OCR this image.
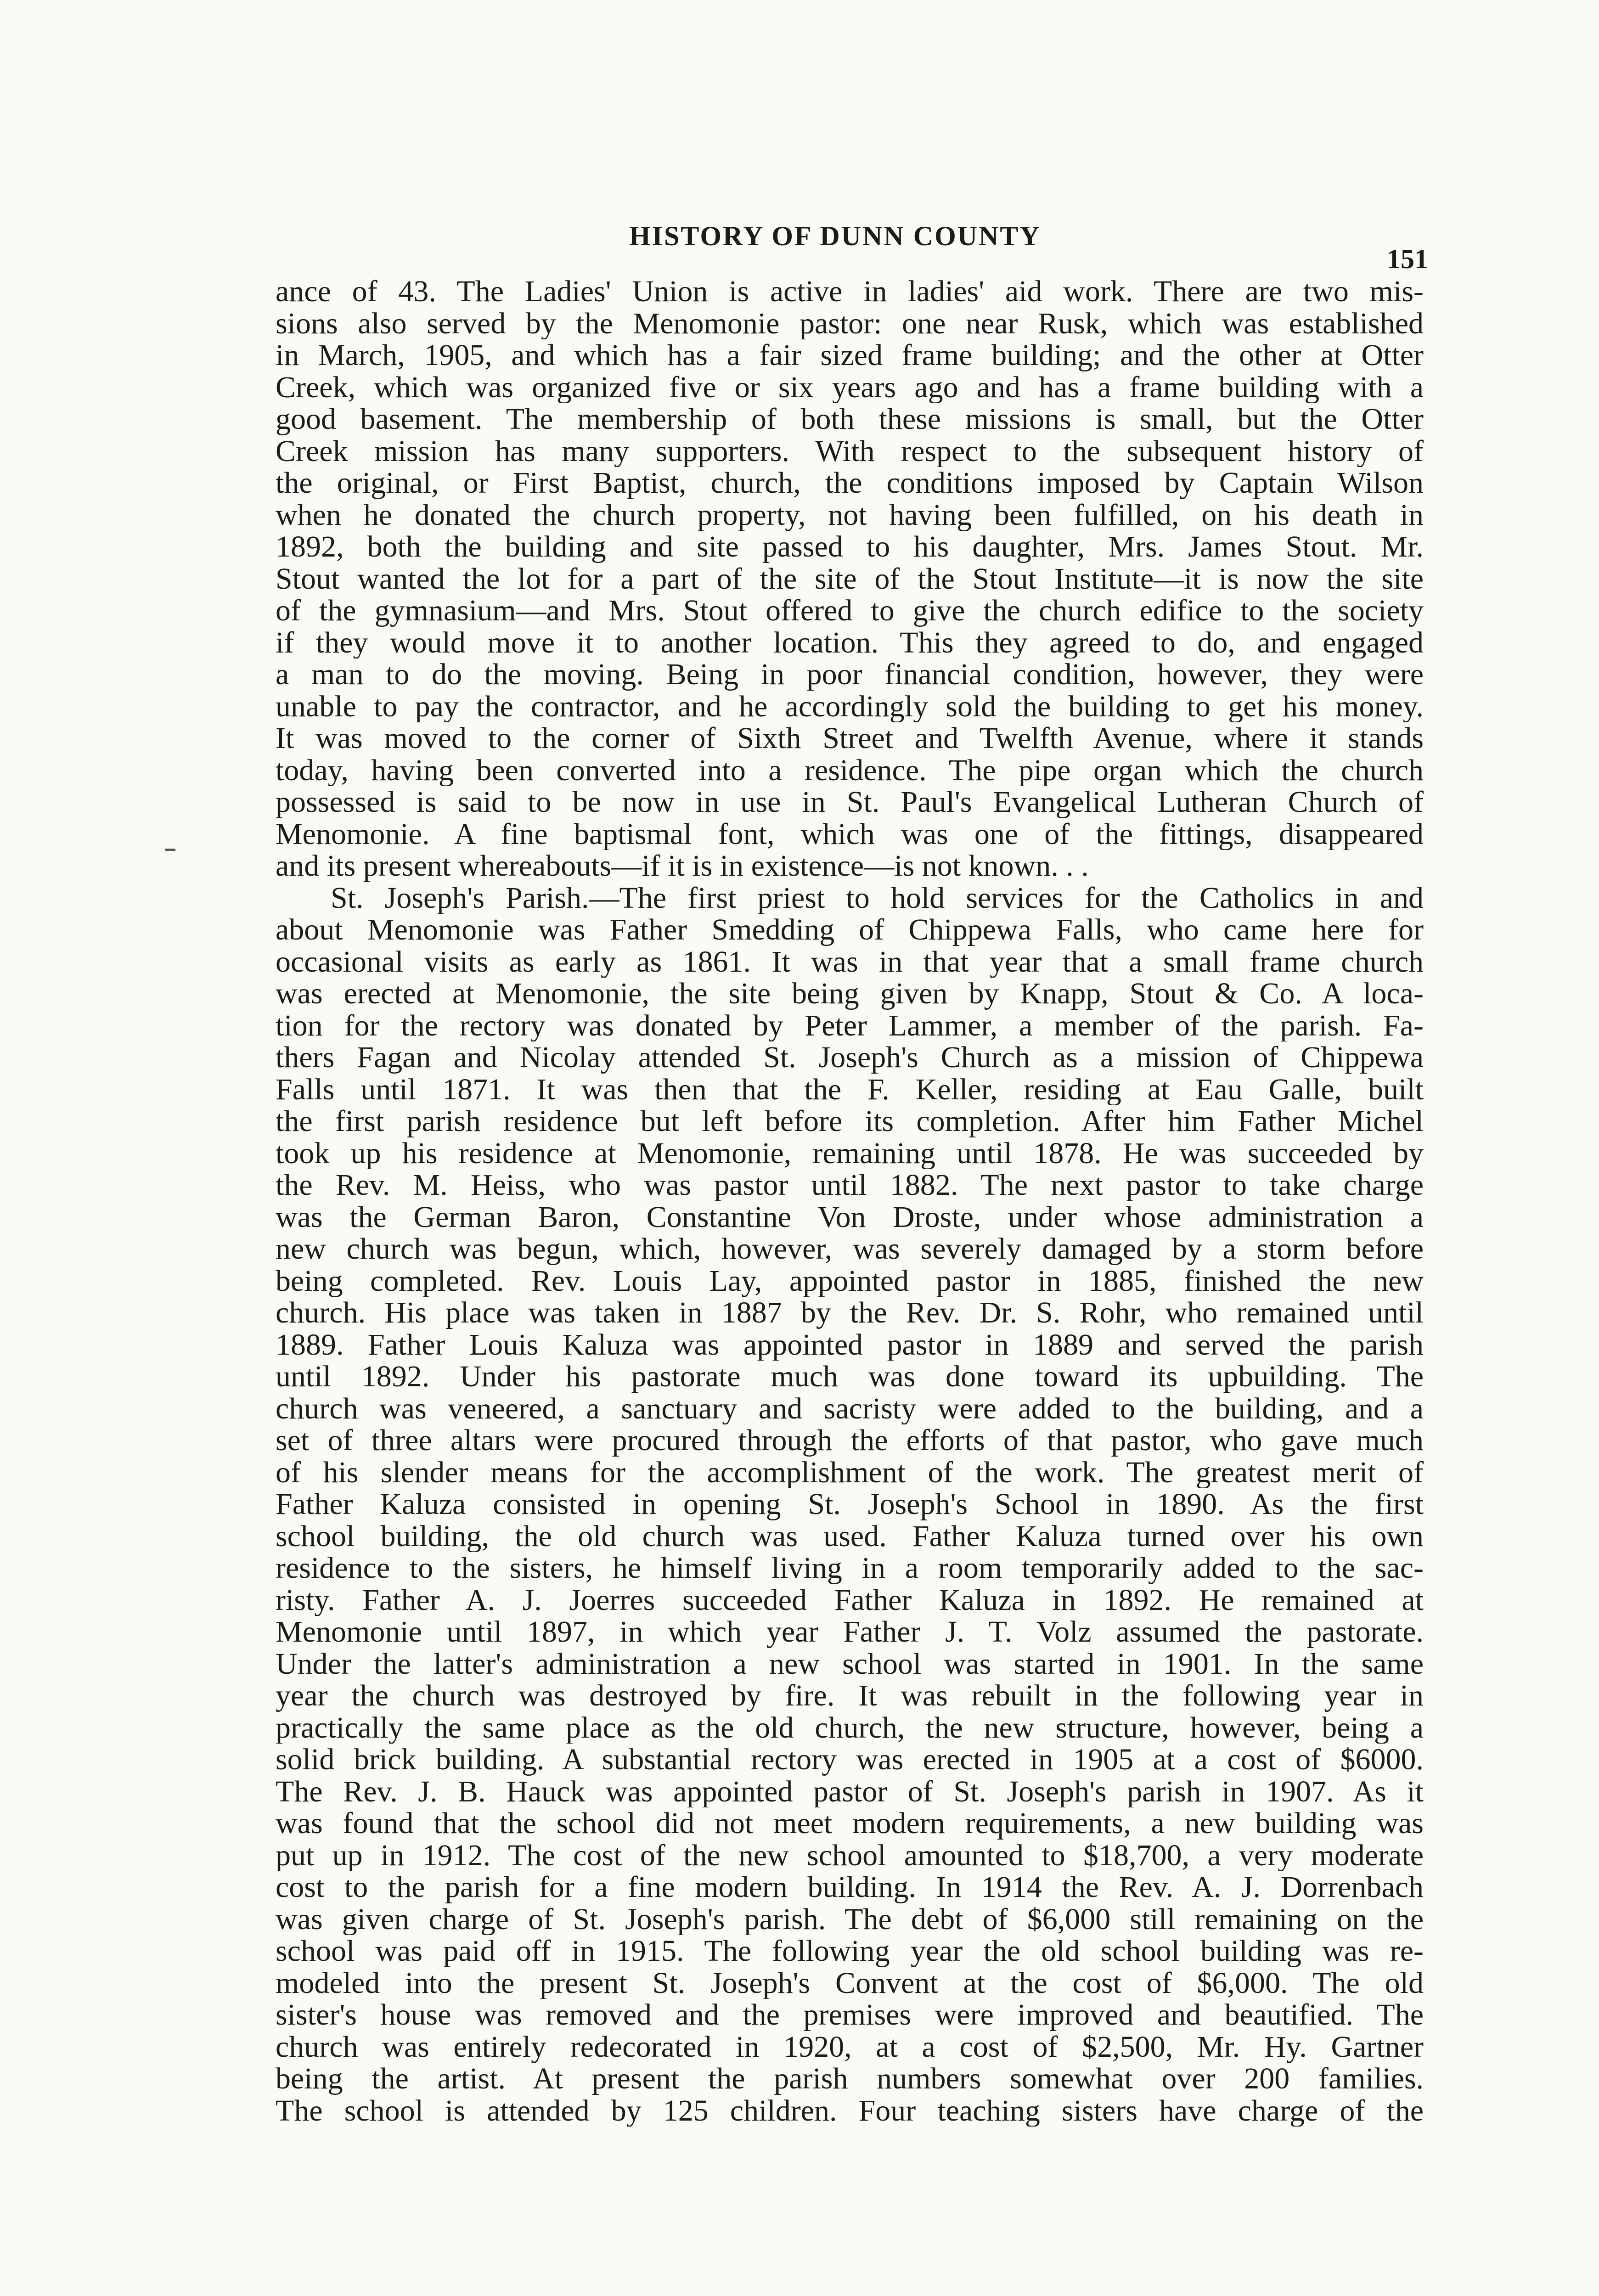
HISTORY OF DUNN COUNTY
151
ance of 43. The Ladies' Union is active in ladies' aid work. There are two mis-
sions also served by the Menomonie pastor: one near Rusk, which was established
in March, 1905, and which has a fair sized frame building; and the other at Otter
Creek, which was organized five or six years ago and has a frame building with a
good basement. The membership of both these missions is small, but the Otter
Creek mission has many supporters. With respect to the subsequent history of
the original, or First Baptist, church, the conditions imposed by Captain Wilson
when he donated the church property, not having been fulfilled, on his death in
1892, both the building and site passed to his daughter, Mrs. James Stout. Mr.
Stout wanted the lot for a part of the site of the Stout Institute—it is now the site
of the gymnasium—and Mrs. Stout offered to give the church edifice to the society
if they would move it to another location. This they agreed to do, and engaged
a man to do the moving. Being in poor financial condition, however, they were
unable to pay the contractor, and he accordingly sold the building to get his money.
It was moved to the corner of Sixth Street and Twelfth Avenue, where it stands
today, having been converted into a residence. The pipe organ which the church
possessed is said to be now in use in St. Paul's Evangelical Lutheran Church of
Menomonie. A fine baptismal font, which was one of the fittings, disappeared
and its present whereabouts—if it is in existence—is not known. . .
St. Joseph's Parish.—The first priest to hold services for the Catholics in and
about Menomonie was Father Smedding of Chippewa Falls, who came here for
occasional visits as early as 1861. It was in that year that a small frame church
was erected at Menomonie, the site being given by Knapp, Stout & Co. A loca-
tion for the rectory was donated by Peter Lammer, a member of the parish. Fa-
thers Fagan and Nicolay attended St. Joseph's Church as a mission of Chippewa
Falls until 1871. It was then that the F. Keller, residing at Eau Galle, built
the first parish residence but left before its completion. After him Father Michel
took up his residence at Menomonie, remaining until 1878. He was succeeded by
the Rev. M. Heiss, who was pastor until 1882. The next pastor to take charge
was the German Baron, Constantine Von Droste, under whose administration a
new church was begun, which, however, was severely damaged by a storm before
being completed. Rev. Louis Lay, appointed pastor in 1885, finished the new
church. His place was taken in 1887 by the Rev. Dr. S. Rohr, who remained until
1889. Father Louis Kaluza was appointed pastor in 1889 and served the parish
until 1892. Under his pastorate much was done toward its upbuilding. The
church was veneered, a sanctuary and sacristy were added to the building, and a
set of three altars were procured through the efforts of that pastor, who gave much
of his slender means for the accomplishment of the work. The greatest merit of
Father Kaluza consisted in opening St. Joseph's School in 1890. As the first
school building, the old church was used. Father Kaluza turned over his own
residence to the sisters, he himself living in a room temporarily added to the sac-
risty. Father A. J. Joerres succeeded Father Kaluza in 1892. He remained at
Menomonie until 1897, in which year Father J. T. Volz assumed the pastorate.
Under the latter's administration a new school was started in 1901. In the same
year the church was destroyed by fire. It was rebuilt in the following year in
practically the same place as the old church, the new structure, however, being a
solid brick building. A substantial rectory was erected in 1905 at a cost of $6000.
The Rev. J. B. Hauck was appointed pastor of St. Joseph's parish in 1907. As it
was found that the school did not meet modern requirements, a new building was
put up in 1912. The cost of the new school amounted to $18,700, a very moderate
cost to the parish for a fine modern building. In 1914 the Rev. A. J. Dorrenbach
was given charge of St. Joseph's parish. The debt of $6,000 still remaining on the
school was paid off in 1915. The following year the old school building was re-
modeled into the present St. Joseph's Convent at the cost of $6,000. The old
sister's house was removed and the premises were improved and beautified. The
church was entirely redecorated in 1920, at a cost of $2,500, Mr. Hy. Gartner
being the artist. At present the parish numbers somewhat over 200 families.
The school is attended by 125 children. Four teaching sisters have charge of the
